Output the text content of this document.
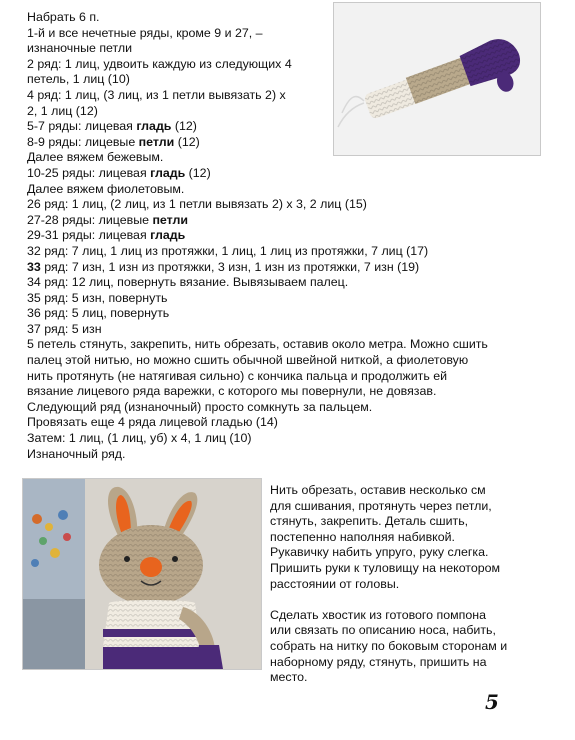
Набрать 6 п.
1-й и все нечетные ряды, кроме 9 и 27, –
изнаночные петли
2 ряд: 1 лиц, удвоить каждую из следующих 4
петель, 1 лиц (10)
4 ряд: 1 лиц, (3 лиц, из 1 петли вывязать 2) х
2, 1 лиц (12)
5-7 ряды: лицевая гладь (12)
8-9 ряды: лицевые петли (12)
Далее вяжем бежевым.
10-25 ряды: лицевая гладь (12)
Далее вяжем фиолетовым.
26 ряд: 1 лиц, (2 лиц, из 1 петли вывязать 2) х 3, 2 лиц (15)
27-28 ряды: лицевые петли
29-31 ряды: лицевая гладь
32 ряд: 7 лиц, 1 лиц из протяжки, 1 лиц, 1 лиц из протяжки, 7 лиц (17)
33 ряд: 7 изн, 1 изн из протяжки, 3 изн, 1 изн из протяжки, 7 изн (19)
34 ряд: 12 лиц, повернуть вязание. Вывязываем палец.
35 ряд: 5 изн, повернуть
36 ряд: 5 лиц, повернуть
37 ряд: 5 изн
5 петель стянуть, закрепить, нить обрезать, оставив около метра. Можно сшить
палец этой нитью, но можно сшить обычной швейной ниткой, а фиолетовую
нить протянуть (не натягивая сильно) с кончика пальца и продолжить ей
вязание лицевого ряда варежки, с которого мы повернули, не довязав.
Следующий ряд (изнаночный) просто сомкнуть за пальцем.
Провязать еще 4 ряда лицевой гладью (14)
Затем: 1 лиц, (1 лиц, уб) х 4, 1 лиц (10)
Изнаночный ряд.

Нить обрезать, оставив несколько см
для сшивания, протянуть через петли,
стянуть, закрепить. Деталь сшить,
постепенно наполняя набивкой.
Рукавичку набить упруго, руку слегка.
Пришить руки к туловищу на некотором
расстоянии от головы.

Сделать хвостик из готового помпона
или связать по описанию носа, набить,
собрать на нитку по боковым сторонам и
наборному ряду, стянуть, пришить на
место.

5
